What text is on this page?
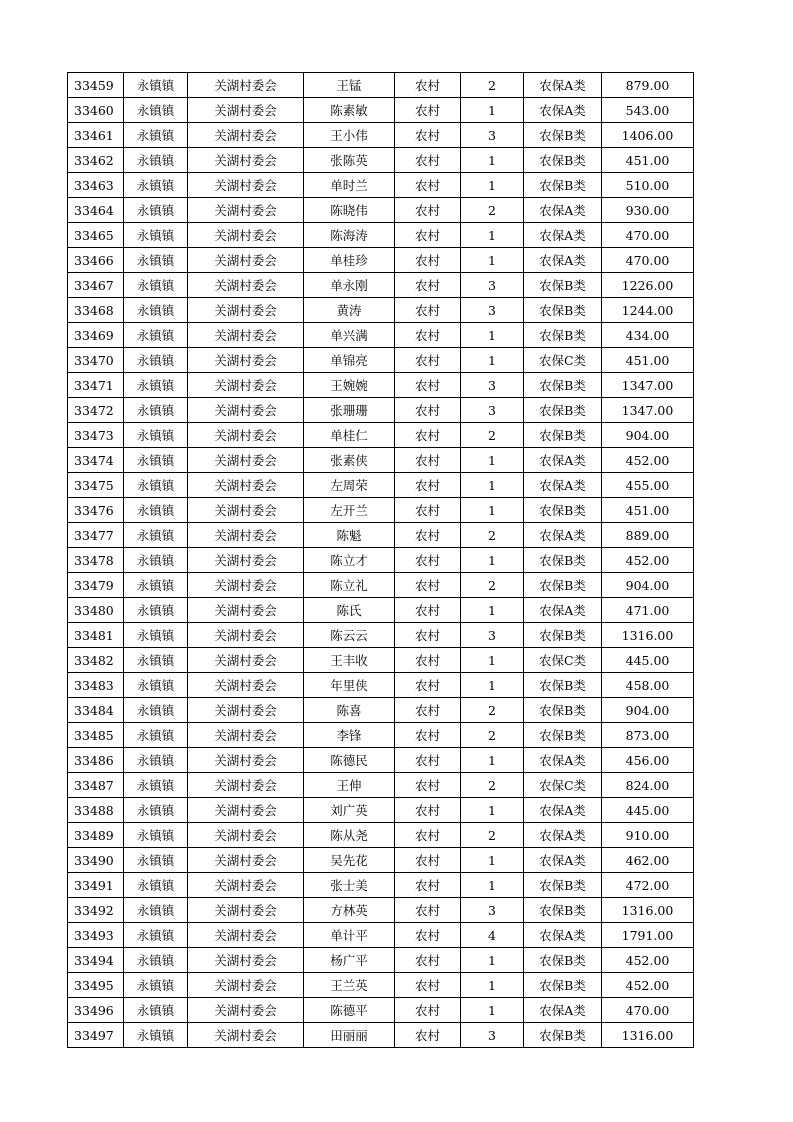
33459	永镇镇	关湖村委会	王锰	农村	2	农保A类	879.00
33460	永镇镇	关湖村委会	陈素敏	农村	1	农保A类	543.00
33461	永镇镇	关湖村委会	王小伟	农村	3	农保B类	1406.00
33462	永镇镇	关湖村委会	张陈英	农村	1	农保B类	451.00
33463	永镇镇	关湖村委会	单时兰	农村	1	农保B类	510.00
33464	永镇镇	关湖村委会	陈晓伟	农村	2	农保A类	930.00
33465	永镇镇	关湖村委会	陈海涛	农村	1	农保A类	470.00
33466	永镇镇	关湖村委会	单桂珍	农村	1	农保A类	470.00
33467	永镇镇	关湖村委会	单永刚	农村	3	农保B类	1226.00
33468	永镇镇	关湖村委会	黄涛	农村	3	农保B类	1244.00
33469	永镇镇	关湖村委会	单兴满	农村	1	农保B类	434.00
33470	永镇镇	关湖村委会	单锦亮	农村	1	农保C类	451.00
33471	永镇镇	关湖村委会	王婉婉	农村	3	农保B类	1347.00
33472	永镇镇	关湖村委会	张珊珊	农村	3	农保B类	1347.00
33473	永镇镇	关湖村委会	单桂仁	农村	2	农保B类	904.00
33474	永镇镇	关湖村委会	张素侠	农村	1	农保A类	452.00
33475	永镇镇	关湖村委会	左周荣	农村	1	农保A类	455.00
33476	永镇镇	关湖村委会	左开兰	农村	1	农保B类	451.00
33477	永镇镇	关湖村委会	陈魁	农村	2	农保A类	889.00
33478	永镇镇	关湖村委会	陈立才	农村	1	农保B类	452.00
33479	永镇镇	关湖村委会	陈立礼	农村	2	农保B类	904.00
33480	永镇镇	关湖村委会	陈氏	农村	1	农保A类	471.00
33481	永镇镇	关湖村委会	陈云云	农村	3	农保B类	1316.00
33482	永镇镇	关湖村委会	王丰收	农村	1	农保C类	445.00
33483	永镇镇	关湖村委会	年里侠	农村	1	农保B类	458.00
33484	永镇镇	关湖村委会	陈喜	农村	2	农保B类	904.00
33485	永镇镇	关湖村委会	李锋	农村	2	农保B类	873.00
33486	永镇镇	关湖村委会	陈德民	农村	1	农保A类	456.00
33487	永镇镇	关湖村委会	王伸	农村	2	农保C类	824.00
33488	永镇镇	关湖村委会	刘广英	农村	1	农保A类	445.00
33489	永镇镇	关湖村委会	陈从尧	农村	2	农保A类	910.00
33490	永镇镇	关湖村委会	吴先花	农村	1	农保A类	462.00
33491	永镇镇	关湖村委会	张士美	农村	1	农保B类	472.00
33492	永镇镇	关湖村委会	方林英	农村	3	农保B类	1316.00
33493	永镇镇	关湖村委会	单计平	农村	4	农保A类	1791.00
33494	永镇镇	关湖村委会	杨广平	农村	1	农保B类	452.00
33495	永镇镇	关湖村委会	王兰英	农村	1	农保B类	452.00
33496	永镇镇	关湖村委会	陈德平	农村	1	农保A类	470.00
33497	永镇镇	关湖村委会	田丽丽	农村	3	农保B类	1316.00
